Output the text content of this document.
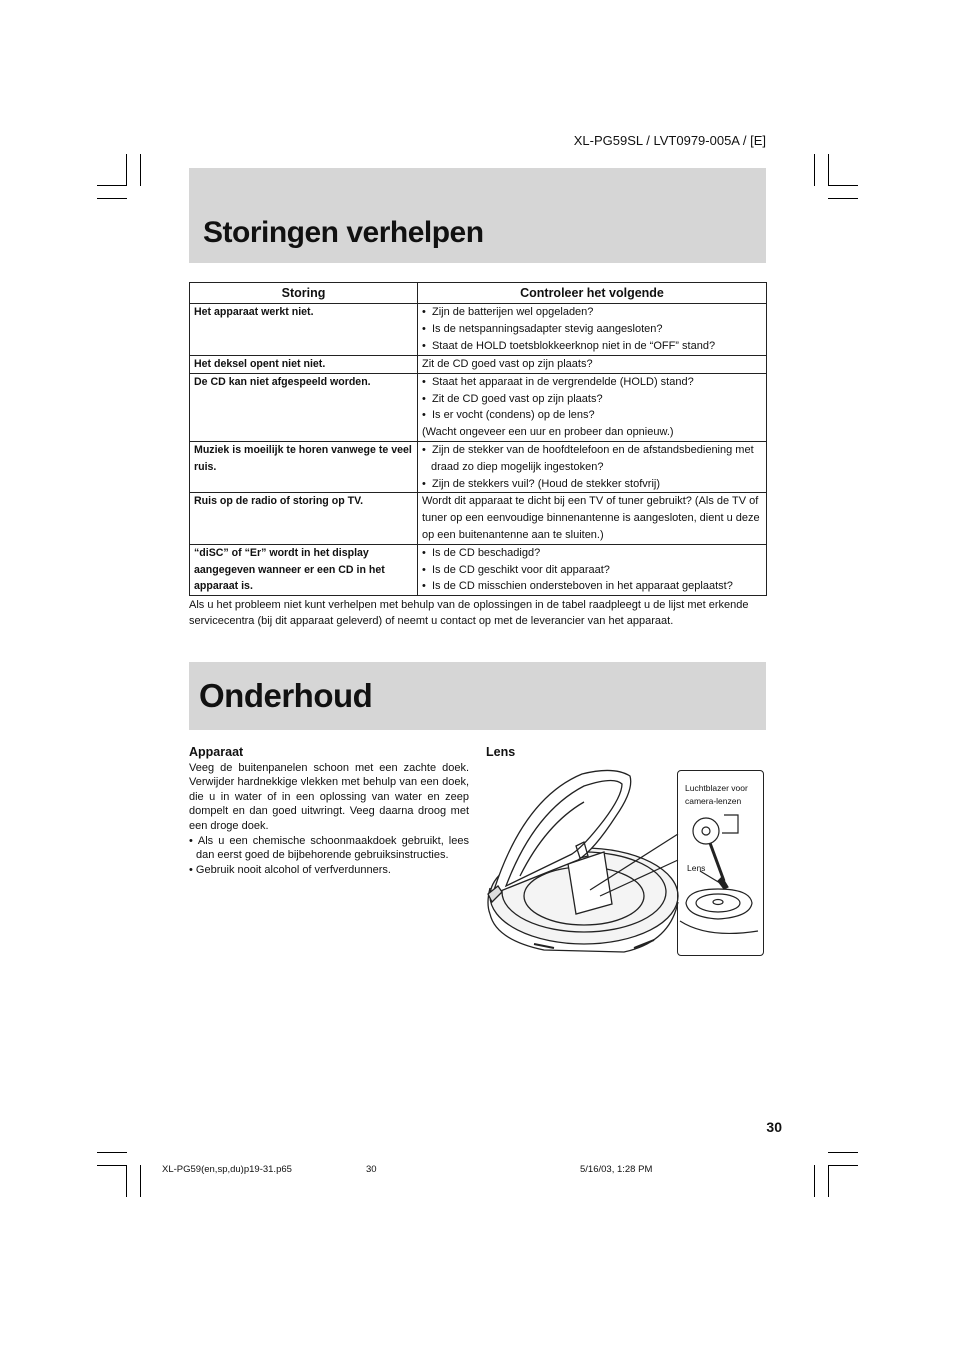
XL-PG59SL / LVT0979-005A / [E]
Storingen verhelpen
Storing	Controleer het volgende
Het apparaat werkt niet.	•  Zijn de batterijen wel opgeladen?

•  Is de netspanningsadapter stevig aangesloten?

•  Staat de HOLD toetsblokkeerknop niet in de “OFF” stand?

Het deksel opent niet niet.	Zit de CD goed vast op zijn plaats?

De CD kan niet afgespeeld worden.	•  Staat het apparaat in de vergrendelde (HOLD) stand?

•  Zit de CD goed vast op zijn plaats?

•  Is er vocht (condens) op de lens?

(Wacht ongeveer een uur en probeer dan opnieuw.)

Muziek is moeilijk te horen vanwege te veel ruis.	•  Zijn de stekker van de hoofdtelefoon en de afstandsbediening met draad zo diep mogelijk ingestoken?

•  Zijn de stekkers vuil? (Houd de stekker stofvrij)

Ruis op de radio of storing op TV.	Wordt dit apparaat te dicht bij een TV of tuner gebruikt? (Als de TV of tuner op een eenvoudige binnenantenne is aangesloten, dient u deze op een buitenantenne aan te sluiten.)

“diSC” of “Er” wordt in het display aangegeven wanneer er een CD in het apparaat is.	•  Is de CD beschadigd?

•  Is de CD geschikt voor dit apparaat?

•  Is de CD misschien ondersteboven in het apparaat geplaatst?

Als u het probleem niet kunt verhelpen met behulp van de oplossingen in de tabel raadpleegt u de lijst met erkende servicecentra (bij dit apparaat geleverd) of neemt u contact op met de leverancier van het apparaat.
Onderhoud
Apparaat

Veeg de buitenpanelen schoon met een zachte doek. Verwijder hardnekkige vlekken met behulp van een doek, die u in water of in een oplossing van water en zeep dompelt en dan goed uitwringt. Veeg daarna droog met een droge doek.

• Als u een chemische schoonmaakdoek gebruikt, lees dan eerst goed de bijbehorende gebruiksinstructies.

• Gebruik nooit alcohol of verfverdunners.

Lens
Luchtblazer voor
camera-lenzen
Lens
30
XL-PG59(en,sp,du)p19-31.p65	30	5/16/03, 1:28 PM
